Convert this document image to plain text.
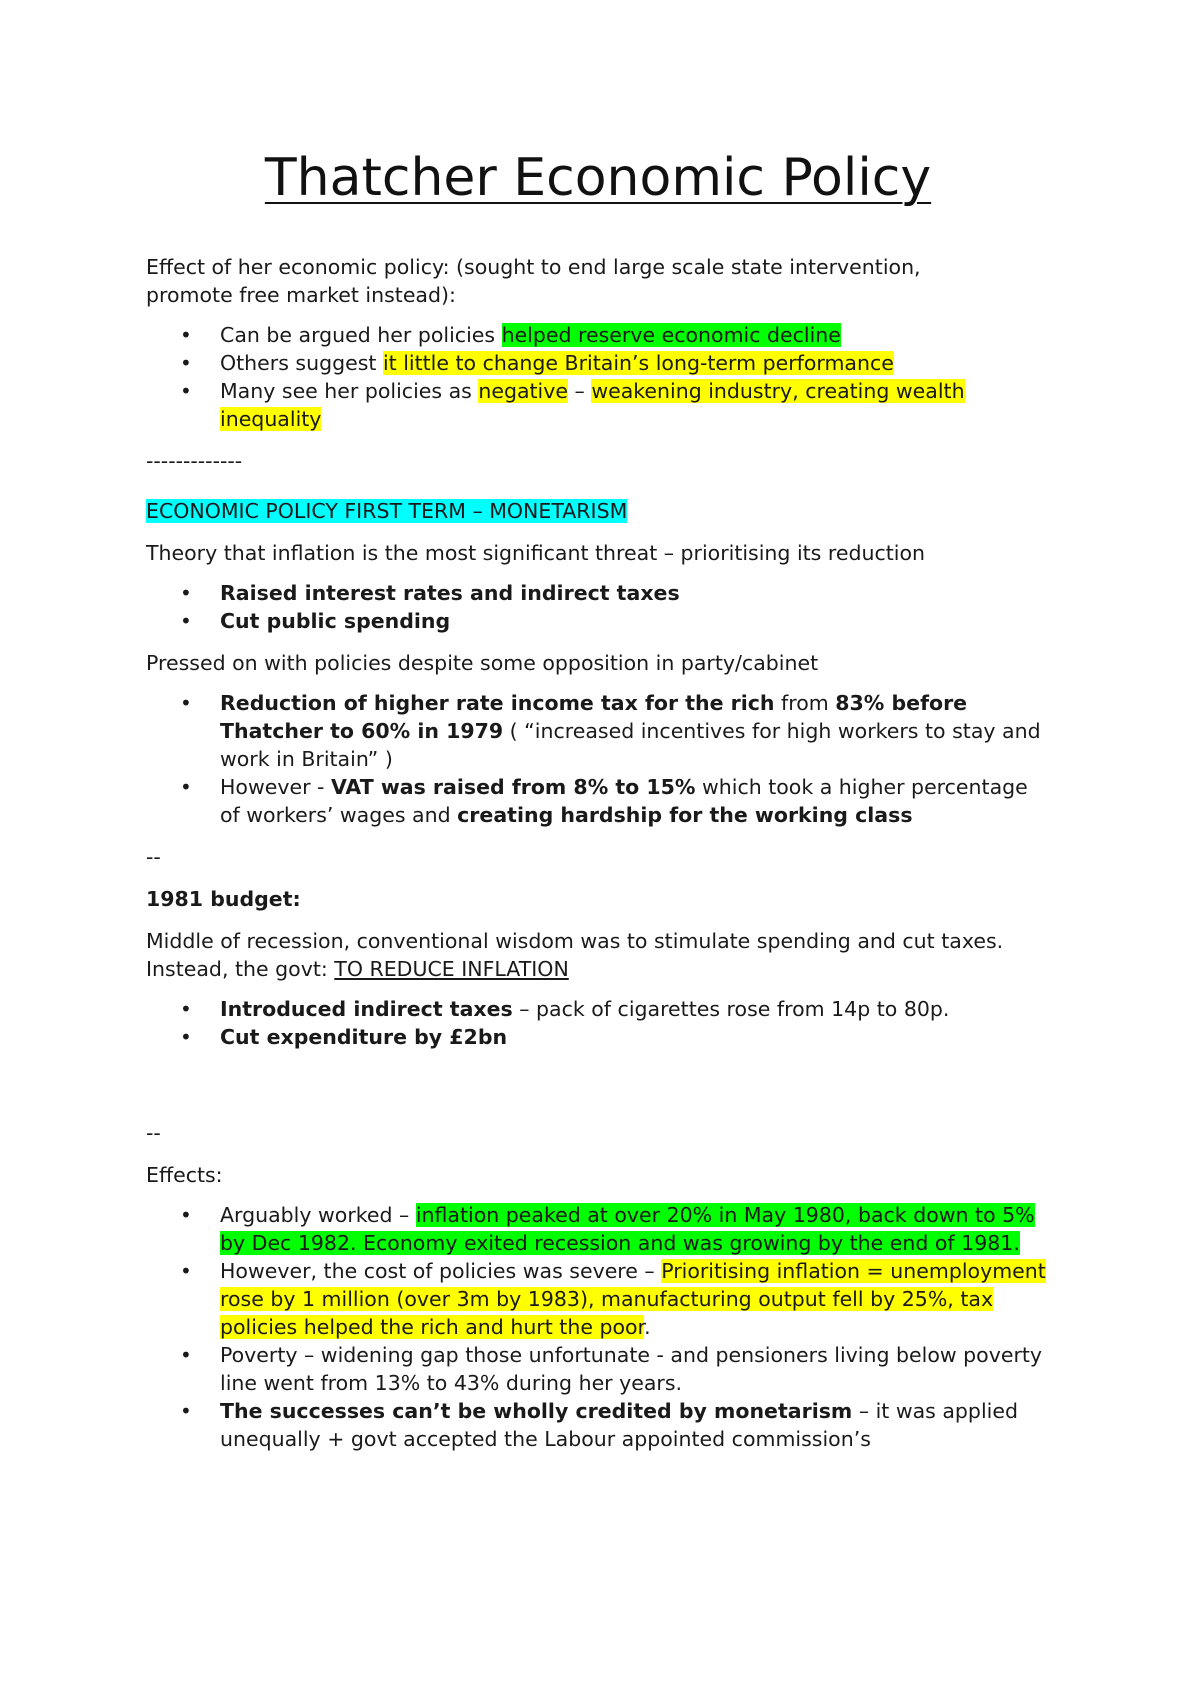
Thatcher Economic Policy

Effect of her economic policy: (sought to end large scale state intervention,
promote free market instead):

• Can be argued her policies helped reserve economic decline
• Others suggest it little to change Britain’s long-term performance
• Many see her policies as negative – weakening industry, creating wealth inequality

-------------

ECONOMIC POLICY FIRST TERM – MONETARISM

Theory that inflation is the most significant threat – prioritising its reduction

• Raised interest rates and indirect taxes
• Cut public spending

Pressed on with policies despite some opposition in party/cabinet

• Reduction of higher rate income tax for the rich from 83% before Thatcher to 60% in 1979 ( “increased incentives for high workers to stay and work in Britain” )
• However - VAT was raised from 8% to 15% which took a higher percentage of workers’ wages and creating hardship for the working class

--

1981 budget:

Middle of recession, conventional wisdom was to stimulate spending and cut taxes. Instead, the govt: TO REDUCE INFLATION

• Introduced indirect taxes – pack of cigarettes rose from 14p to 80p.
• Cut expenditure by £2bn

--

Effects:

• Arguably worked – inflation peaked at over 20% in May 1980, back down to 5% by Dec 1982. Economy exited recession and was growing by the end of 1981.
• However, the cost of policies was severe – Prioritising inflation = unemployment rose by 1 million (over 3m by 1983), manufacturing output fell by 25%, tax policies helped the rich and hurt the poor.
• Poverty – widening gap those unfortunate - and pensioners living below poverty line went from 13% to 43% during her years.
• The successes can’t be wholly credited by monetarism – it was applied unequally + govt accepted the Labour appointed commission’s
